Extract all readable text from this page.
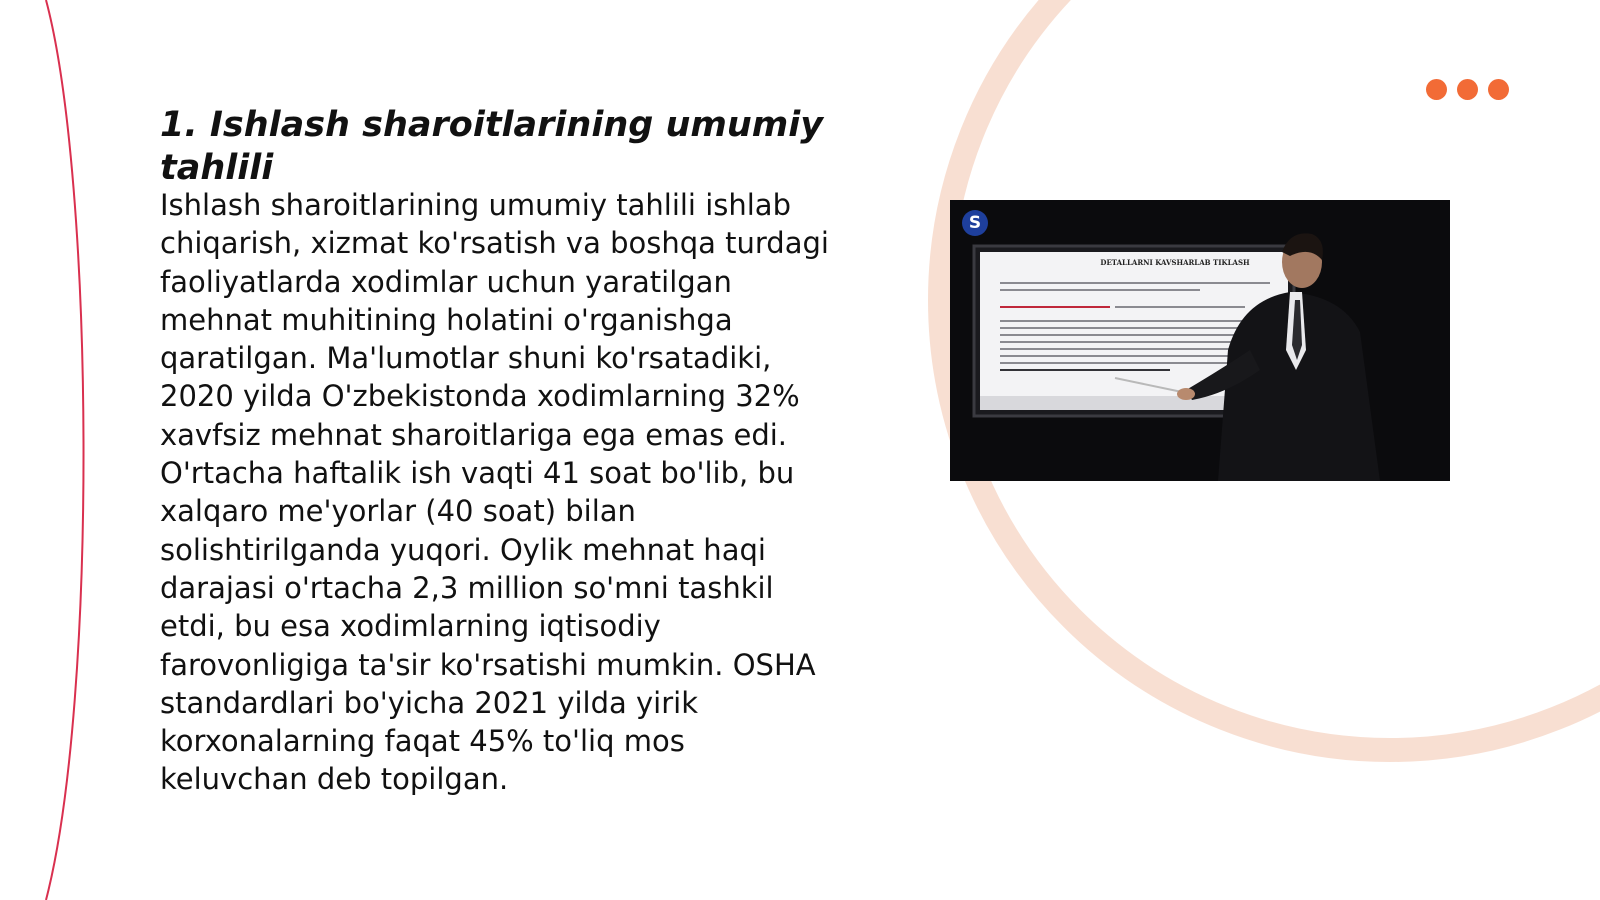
1. Ishlash sharoitlarining umumiy tahlili

Ishlash sharoitlarining umumiy tahlili ishlab chiqarish, xizmat ko'rsatish va boshqa turdagi faoliyatlarda xodimlar uchun yaratilgan mehnat muhitining holatini o'rganishga qaratilgan. Ma'lumotlar shuni ko'rsatadiki, 2020 yilda O'zbekistonda xodimlarning 32% xavfsiz mehnat sharoitlariga ega emas edi. O'rtacha haftalik ish vaqti 41 soat bo'lib, bu xalqaro me'yorlar (40 soat) bilan solishtirilganda yuqori. Oylik mehnat haqi darajasi o'rtacha 2,3 million so'mni tashkil etdi, bu esa xodimlarning iqtisodiy farovonligiga ta'sir ko'rsatishi mumkin. OSHA standardlari bo'yicha 2021 yilda yirik korxonalarning faqat 45% to'liq mos keluvchan deb topilgan.

S
DETALLARNI KAVSHARLAB TIKLASH
